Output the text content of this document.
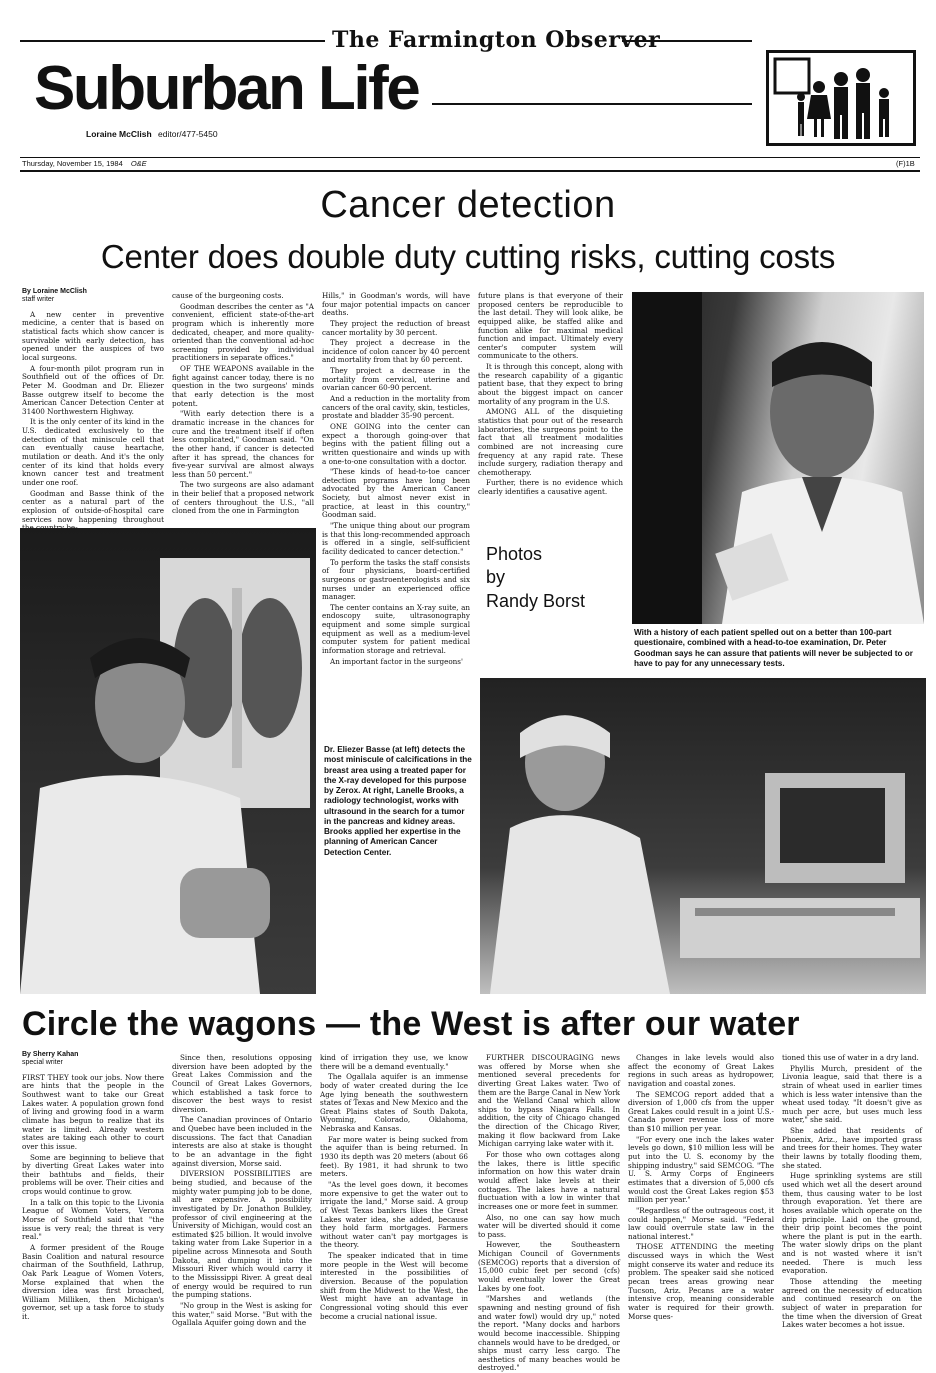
The Farmington Observer
Suburban Life
Loraine McClish editor/477-5450
Thursday, November 15, 1984 O&E	(F)1B
Cancer detection
Center does double duty cutting risks, cutting costs
By Loraine McClish
staff writer

A new center in preventive medicine, a center that is based on statistical facts which show cancer is survivable with early detection, has opened under the auspices of two local surgeons.

A four-month pilot program run in Southfield out of the offices of Dr. Peter M. Goodman and Dr. Eliezer Basse outgrew itself to become the American Cancer Detection Center at 31400 Northwestern Highway.

It is the only center of its kind in the U.S. dedicated exclusively to the detection of that miniscule cell that can eventually cause heartache, mutilation or death. And it's the only center of its kind that holds every known cancer test and treatment under one roof.

Goodman and Basse think of the center as a natural part of the explosion of outside-of-hospital care services now happening throughout

cause of the burgeoning costs.

Goodman describes the center as "A convenient, efficient state-of-the-art program which is inherently more dedicated, cheaper, and more quality-oriented than the conventional ad-hoc screening provided by individual practitioners in separate offices."

OF THE WEAPONS available in the fight against cancer today, there is no question in the two surgeons' minds that early detection is the most potent.

"With early detection there is a dramatic increase in the chances for cure and the treatment itself if often less complicated," Goodman said. "On the other hand, if cancer is detected after it has spread, the chances for five-year survival are almost always less than 50 percent."

The two surgeons are also adamant in their belief that a proposed network of centers throughout the U.S., "all cloned from the one in Farmington

Hills," in Goodman's words, will have four major potential impacts on cancer deaths.

They project the reduction of breast cancer mortality by 30 percent.

They project a decrease in the incidence of colon cancer by 40 percent and mortality from that by 60 percent.

They project a decrease in the mortality from cervical, uterine and ovarian cancer 60-90 percent.

And a reduction in the mortality from cancers of the oral cavity, skin, testicles, prostate and bladder 35-90 percent.

ONE GOING into the center can expect a thorough going-over that begins with the patient filling out a written questionaire and winds up with a one-to-one consultation with a doctor.

"These kinds of head-to-toe cancer detection programs have long been advocated by the American Cancer Society, but almost never exist in practice, at least in this country," Goodman said.

"The unique thing about our program is that this long-recommended approach is offered in a single, self-sufficient facility dedicated to cancer detection."

To perform the tasks the staff consists of four physicians, board-certified surgeons or gastroenterologists and six nurses under an experienced office manager.

The center contains an X-ray suite, an endoscopy suite, ultrasonography equipment and some simple surgical equipment as well as a medium-level computer system for patient medical information storage and retrieval.

An important factor in the surgeons'

future plans is that everyone of their proposed centers be reproducible to the last detail. They will look alike, be equipped alike, be staffed alike and function alike for maximal medical function and impact. Ultimately every center's computer system will communicate to the others.

It is through this concept, along with the research capability of a gigantic patient base, that they expect to bring about the biggest impact on cancer mortality of any program in the U.S.

AMONG ALL of the disquieting statistics that pour out of the research laboratories, the surgeons point to the fact that all treatment modalities combined are not increasing cure frequency at any rapid rate. These include surgery, radiation therapy and chemotherapy.

Further, there is no evidence which clearly identifies a causative agent.

Photos
by
Randy Borst
With a history of each patient spelled out on a better than 100-part questionaire, combined with a head-to-toe examination, Dr. Peter Goodman says he can assure that patients will never be subjected to or have to pay for any unnecessary tests.
Dr. Eliezer Basse (at left) detects the most miniscule of calcifications in the breast area using a treated paper for the X-ray developed for this purpose by Zerox. At right, Lanelle Brooks, a radiology technologist, works with ultrasound in the search for a tumor in the pancreas and kidney areas. Brooks applied her expertise in the planning of American Cancer Detection Center.
Circle the wagons — the West is after our water
By Sherry Kahan
special writer

FIRST THEY took our jobs. Now there are hints that the people in the Southwest want to take our Great Lakes water. A population grown fond of living and growing food in a warm climate has begun to realize that its water is limited. Already western states are taking each other to court over this issue.

Some are beginning to believe that by diverting Great Lakes water into their bathtubs and fields, their problems will be over. Their cities and crops would continue to grow.

In a talk on this topic to the Livonia League of Women Voters, Verona Morse of Southfield said that "the issue is very real; the threat is very real."

A former president of the Rouge Basin Coalition and natural resource chairman of the Southfield, Lathrup, Oak Park League of Women Voters, Morse explained that when the diversion idea was first broached, William Milliken, then Michigan's governor, set up a task force to study it.

Since then, resolutions opposing diversion have been adopted by the Great Lakes Commission and the Council of Great Lakes Governors, which established a task force to discover the best ways to resist diversion.

The Canadian provinces of Ontario and Quebec have been included in the discussions. The fact that Canadian interests are also at stake is thought to be an advantage in the fight against diversion, Morse said.

DIVERSION POSSIBILITIES are being studied, and because of the mighty water pumping job to be done, all are expensive. A possibility investigated by Dr. Jonathon Bulkley, professor of civil engineering at the University of Michigan, would cost an estimated $25 billion. It would involve taking water from Lake Superior in a pipeline across Minnesota and South Dakota, and dumping it into the Missouri River which would carry it to the Mississippi River. A great deal of energy would be required to run the pumping stations.

"No group in the West is asking for this water," said Morse. "But with the Ogallala Aquifer going down and the

kind of irrigation they use, we know there will be a demand eventually."

The Ogallala aquifer is an immense body of water created during the Ice Age lying beneath the southwestern states of Texas and New Mexico and the Great Plains states of South Dakota, Wyoming, Colorado, Oklahoma, Nebraska and Kansas.

Far more water is being sucked from the aquifer than is being returned. In 1930 its depth was 20 meters (about 66 feet). By 1981, it had shrunk to two meters.

"As the level goes down, it becomes more expensive to get the water out to irrigate the land," Morse said. A group of West Texas bankers likes the Great Lakes water idea, she added, because they hold farm mortgages. Farmers without water can't pay mortgages is the theory.

The speaker indicated that in time more people in the West will become interested in the possibilities of diversion. Because of the population shift from the Midwest to the West, the West might have an advantage in Congressional voting should this ever become a crucial national issue.

FURTHER DISCOURAGING news was offered by Morse when she mentioned several precedents for diverting Great Lakes water. Two of them are the Barge Canal in New York and the Welland Canal which allow ships to bypass Niagara Falls. In addition, the city of Chicago changed the direction of the Chicago River, making it flow backward from Lake Michigan carrying lake water with it.

For those who own cottages along the lakes, there is little specific information on how this water drain would affect lake levels at their cottages. The lakes have a natural fluctuation with a low in winter that increases one or more feet in summer.

Also, no one can say how much water will be diverted should it come to pass.

However, the Southeastern Michigan Council of Governments (SEMCOG) reports that a diversion of 15,000 cubic feet per second (cfs) would eventually lower the Great Lakes by one foot.

"Marshes and wetlands (the spawning and nesting ground of fish and water fowl) would dry up," noted the report. "Many docks and harbors would become inaccessible. Shipping channels would have to be dredged, or ships must carry less cargo. The aesthetics of many beaches would be destroyed."

Changes in lake levels would also affect the economy of Great Lakes regions in such areas as hydropower, navigation and coastal zones.

The SEMCOG report added that a diversion of 1,000 cfs from the upper Great Lakes could result in a joint U.S.-Canada power revenue loss of more than $10 million per year.

"For every one inch the lakes water levels go down, $10 million less will be put into the U. S. economy by the shipping industry," said SEMCOG. "The U. S. Army Corps of Engineers estimates that a diversion of 5,000 cfs would cost the Great Lakes region $53 million per year."

"Regardless of the outrageous cost, it could happen," Morse said. "Federal law could overrule state law in the national interest."

THOSE ATTENDING the meeting discussed ways in which the West might conserve its water and reduce its problem. The speaker said she noticed pecan trees areas growing near Tucson, Ariz. Pecans are a water intensive crop, meaning considerable water is required for their growth. Morse ques-

tioned this use of water in a dry land.

Phyllis Murch, president of the Livonia league, said that there is a strain of wheat used in earlier times which is less water intensive than the wheat used today. "It doesn't give as much per acre, but uses much less water," she said.

She added that residents of Phoenix, Ariz., have imported grass and trees for their homes. They water their lawns by totally flooding them, she stated.

Huge sprinkling systems are still used which wet all the desert around them, thus causing water to be lost through evaporation. Yet there are hoses available which operate on the drip principle. Laid on the ground, their drip point becomes the point where the plant is put in the earth. The water slowly drips on the plant and is not wasted where it isn't needed. There is much less evaporation.

Those attending the meeting agreed on the necessity of education and continued research on the subject of water in preparation for the time when the diversion of Great Lakes water becomes a hot issue.
